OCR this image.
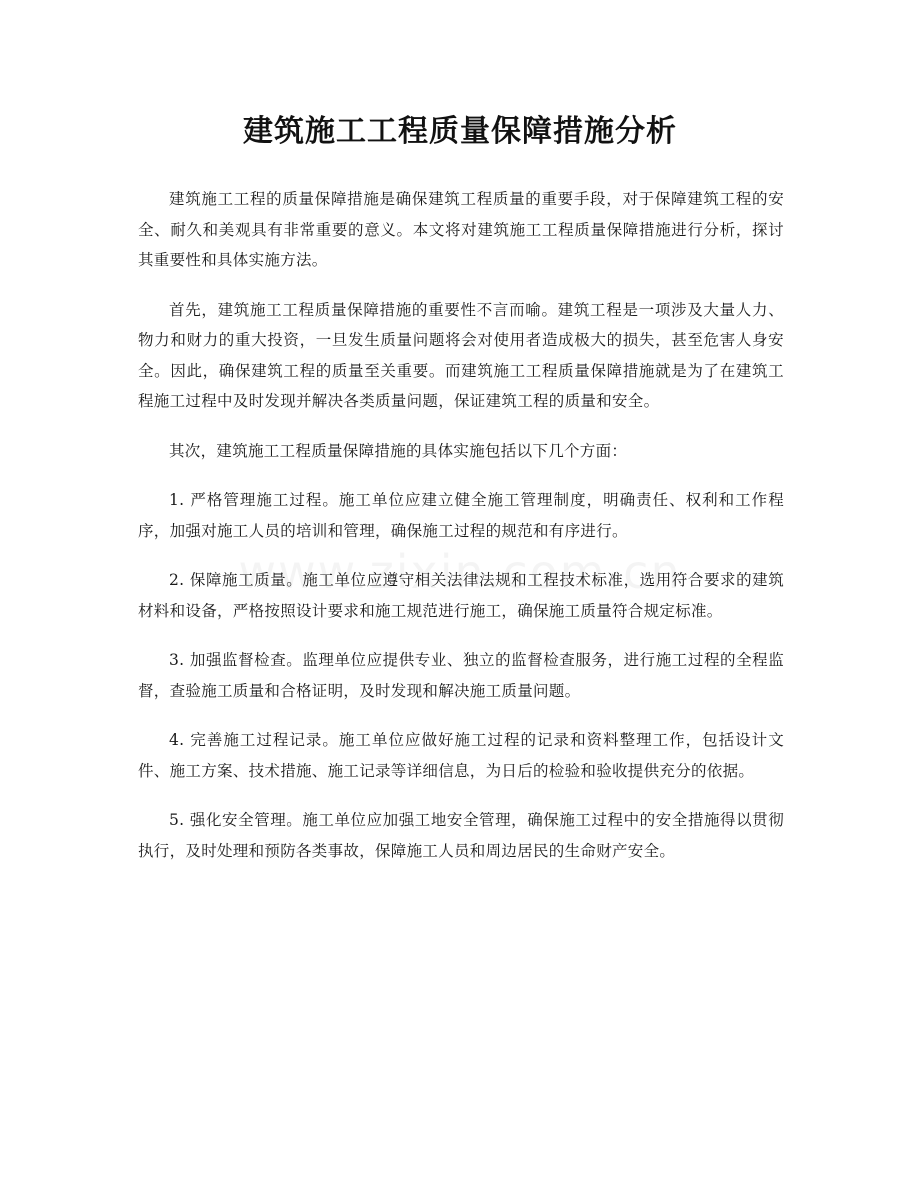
建筑施工工程质量保障措施分析

建筑施工工程的质量保障措施是确保建筑工程质量的重要手段，对于保障建筑工程的安全、耐久和美观具有非常重要的意义。本文将对建筑施工工程质量保障措施进行分析，探讨其重要性和具体实施方法。

首先，建筑施工工程质量保障措施的重要性不言而喻。建筑工程是一项涉及大量人力、物力和财力的重大投资，一旦发生质量问题将会对使用者造成极大的损失，甚至危害人身安全。因此，确保建筑工程的质量至关重要。而建筑施工工程质量保障措施就是为了在建筑工程施工过程中及时发现并解决各类质量问题，保证建筑工程的质量和安全。

其次，建筑施工工程质量保障措施的具体实施包括以下几个方面：

1. 严格管理施工过程。施工单位应建立健全施工管理制度，明确责任、权利和工作程序，加强对施工人员的培训和管理，确保施工过程的规范和有序进行。

2. 保障施工质量。施工单位应遵守相关法律法规和工程技术标准，选用符合要求的建筑材料和设备，严格按照设计要求和施工规范进行施工，确保施工质量符合规定标准。

3. 加强监督检查。监理单位应提供专业、独立的监督检查服务，进行施工过程的全程监督，查验施工质量和合格证明，及时发现和解决施工质量问题。

4. 完善施工过程记录。施工单位应做好施工过程的记录和资料整理工作，包括设计文件、施工方案、技术措施、施工记录等详细信息，为日后的检验和验收提供充分的依据。

5. 强化安全管理。施工单位应加强工地安全管理，确保施工过程中的安全措施得以贯彻执行，及时处理和预防各类事故，保障施工人员和周边居民的生命财产安全。
